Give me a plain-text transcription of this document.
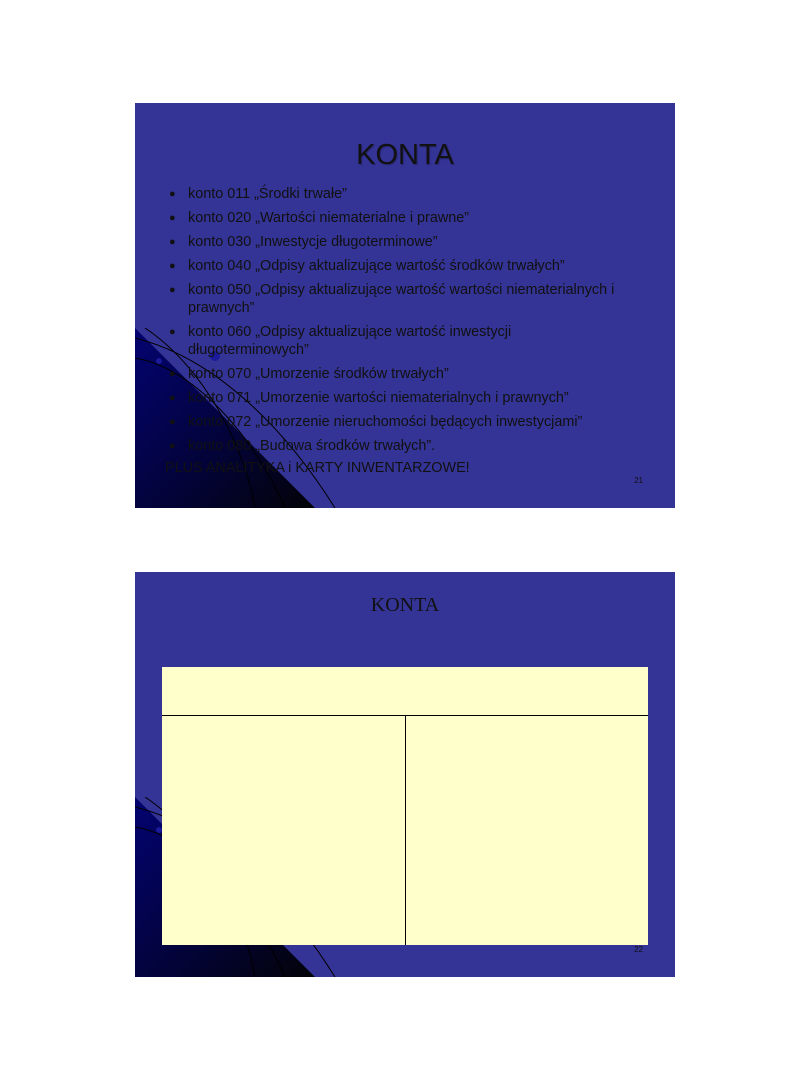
KONTA
● konto 011 „Środki trwałe”
● konto 020 „Wartości niematerialne i prawne”
● konto 030 „Inwestycje długoterminowe”
● konto 040 „Odpisy aktualizujące wartość środków trwałych”
● konto 050 „Odpisy aktualizujące wartość wartości niematerialnych i prawnych”
● konto 060 „Odpisy aktualizujące wartość inwestycji długoterminowych”
● konto 070 „Umorzenie środków trwałych”
● konto 071 „Umorzenie wartości niematerialnych i prawnych”
● konto 072 „Umorzenie nieruchomości będących inwestycjami”
● konto 080 „Budowa środków trwałych”.
PLUS ANALITYKA i KARTY INWENTARZOWE!
21
KONTA
22
